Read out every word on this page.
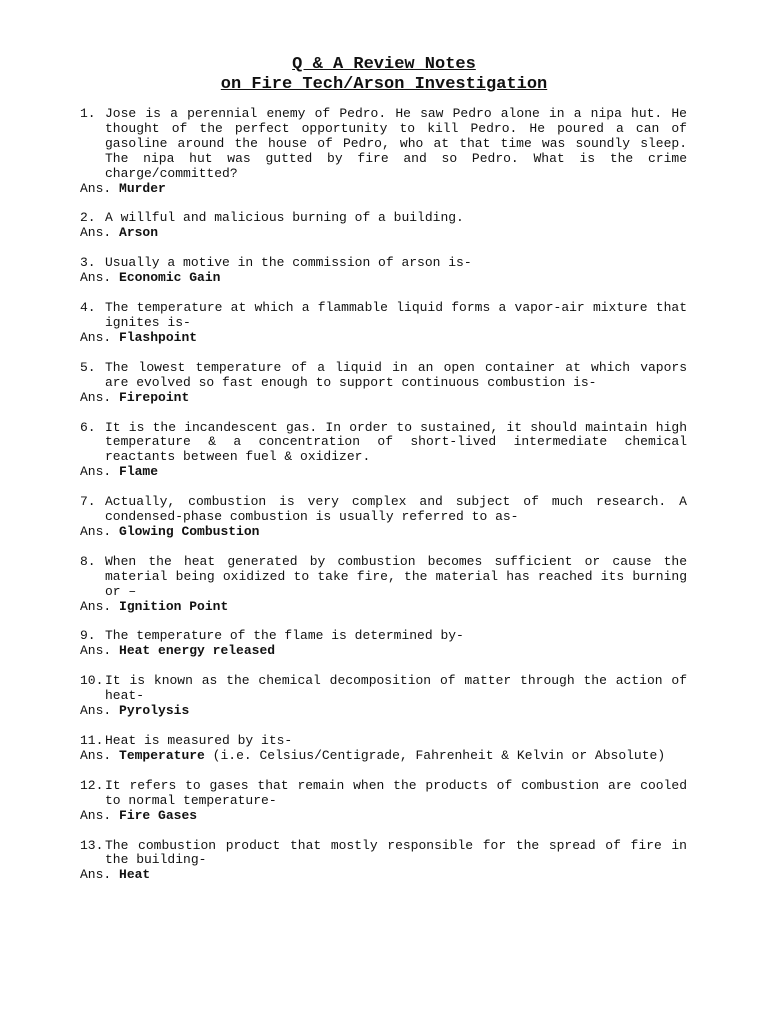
Q & A Review Notes
on Fire Tech/Arson Investigation
1. Jose is a perennial enemy of Pedro. He saw Pedro alone in a nipa hut. He thought of the perfect opportunity to kill Pedro. He poured a can of gasoline around the house of Pedro, who at that time was soundly sleep. The nipa hut was gutted by fire and so Pedro. What is the crime charge/committed?

Ans. Murder

2. A willful and malicious burning of a building.

Ans. Arson

3. Usually a motive in the commission of arson is-

Ans. Economic Gain

4. The temperature at which a flammable liquid forms a vapor-air mixture that ignites is-

Ans. Flashpoint

5. The lowest temperature of a liquid in an open container at which vapors are evolved so fast enough to support continuous combustion is-

Ans. Firepoint

6. It is the incandescent gas. In order to sustained, it should maintain high temperature & a concentration of short-lived intermediate chemical reactants between fuel & oxidizer.

Ans. Flame

7. Actually, combustion is very complex and subject of much research. A condensed-phase combustion is usually referred to as-

Ans. Glowing Combustion

8. When the heat generated by combustion becomes sufficient or cause the material being oxidized to take fire, the material has reached its burning or –

Ans. Ignition Point

9. The temperature of the flame is determined by-

Ans. Heat energy released

10. It is known as the chemical decomposition of matter through the action of heat-

Ans. Pyrolysis

11. Heat is measured by its-

Ans. Temperature (i.e. Celsius/Centigrade, Fahrenheit & Kelvin or Absolute)

12. It refers to gases that remain when the products of combustion are cooled to normal temperature-

Ans. Fire Gases

13. The combustion product that mostly responsible for the spread of fire in the building-

Ans. Heat
